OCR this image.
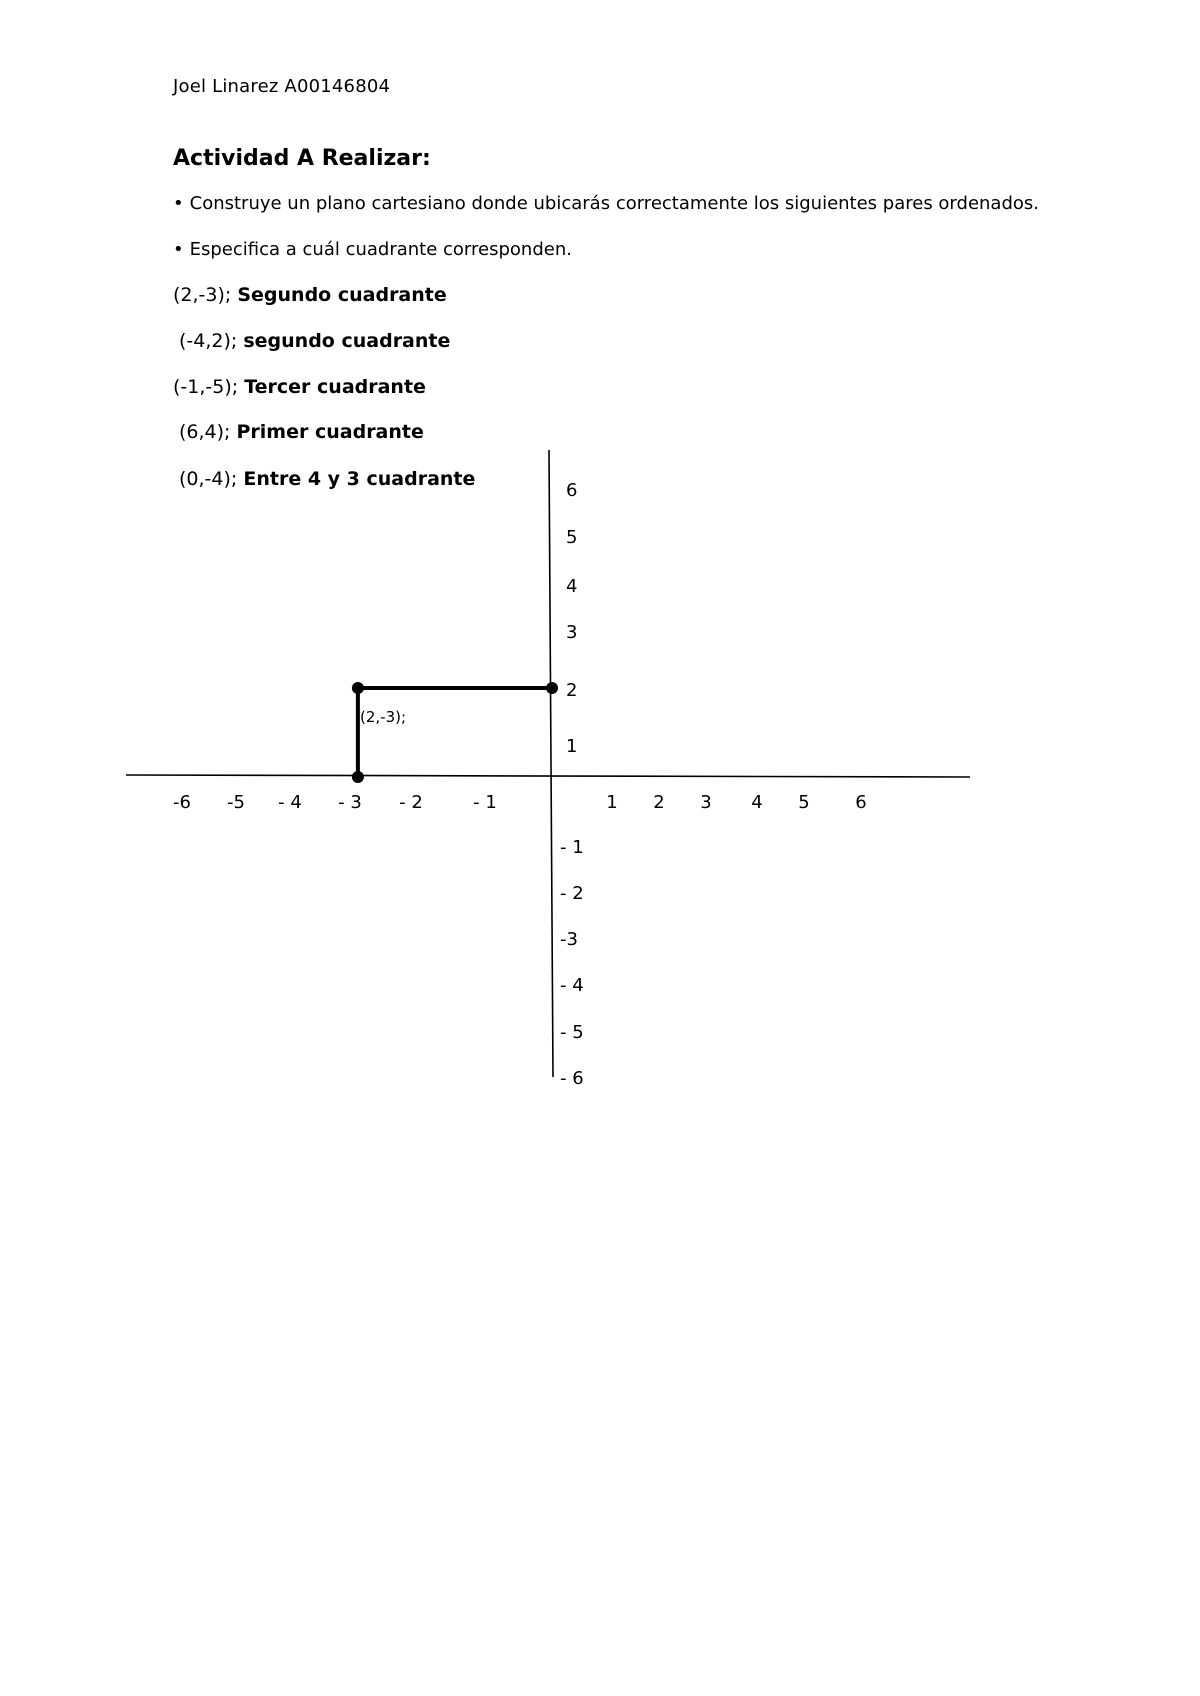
Joel Linarez A00146804
Actividad A Realizar:
• Construye un plano cartesiano donde ubicarás correctamente los siguientes pares ordenados.
• Especifica a cuál cuadrante corresponden.
(2,-3); Segundo cuadrante
(-4,2); segundo cuadrante
(-1,-5); Tercer cuadrante
(6,4); Primer cuadrante
(0,-4); Entre 4 y 3 cuadrante
-6 -5 - 4 - 3 - 2	- 1	1 2 3 4 5	6
6
5
4
3
2
1
- 1
- 2
-3
- 4
- 5
- 6
(2,-3);
